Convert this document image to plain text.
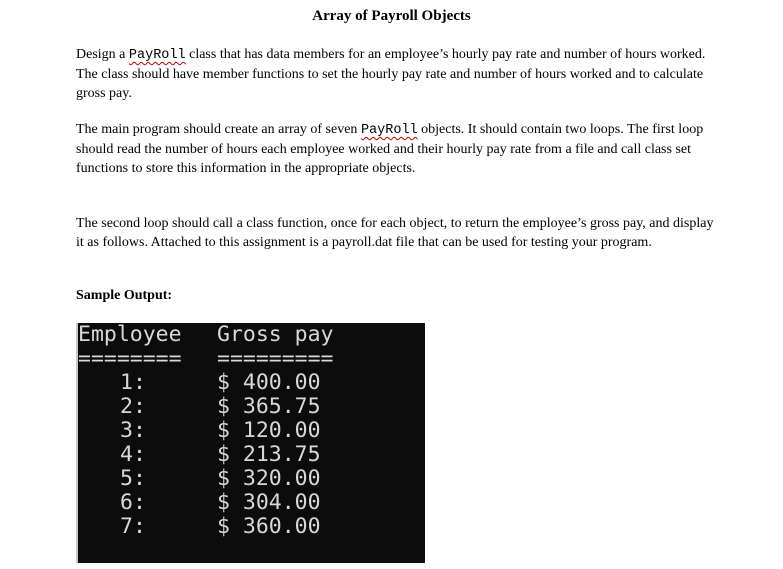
Array of Payroll Objects
Design a PayRoll class that has data members for an employee’s hourly pay rate and number of hours worked. The class should have member functions to set the hourly pay rate and number of hours worked and to calculate gross pay.
The main program should create an array of seven PayRoll objects. It should contain two loops. The first loop should read the number of hours each employee worked and their hourly pay rate from a file and call class set functions to store this information in the appropriate objects.
The second loop should call a class function, once for each object, to return the employee’s gross pay, and display it as follows. Attached to this assignment is a payroll.dat file that can be used for testing your program.
Sample Output:
Employee Gross pay
======== =========
1:	$ 400.00
2:	$ 365.75
3:	$ 120.00
4:	$ 213.75
5:	$ 320.00
6:	$ 304.00
7:	$ 360.00
